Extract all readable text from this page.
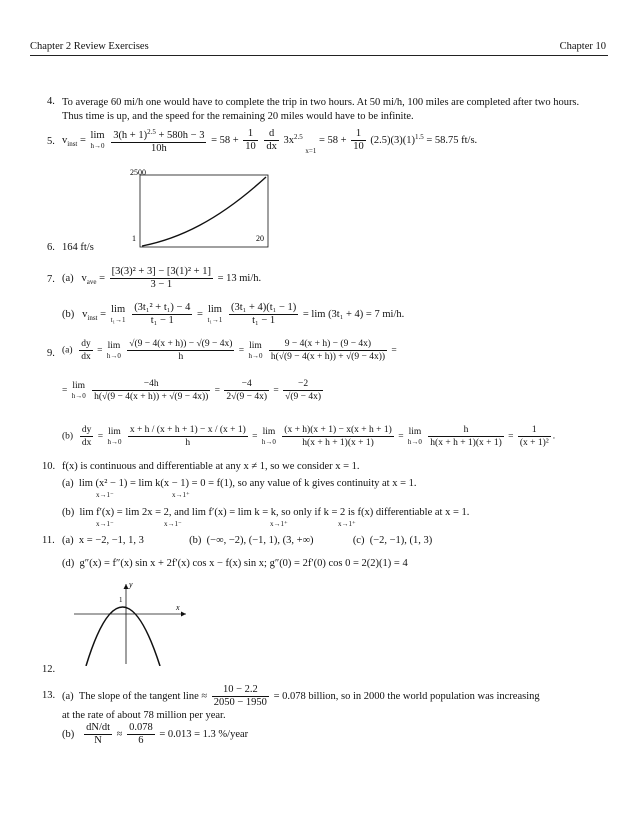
Chapter 2 Review Exercises	Chapter 10
4. To average 60 mi/h one would have to complete the trip in two hours. At 50 mi/h, 100 miles are completed after two hours. Thus time is up, and the speed for the remaining 20 miles would have to be infinite.
5. $v_{inst} = \lim$
h→0
$\frac{3(h + 1)^{2.5} + 580h - 3}{10h} = 58 + \frac{1}{10}$
$\frac{d}{dx} 3x^{2.5}$ $_{x=1} = 58 + \frac{1}{10} (2.5)(3)(1)^{1.5} = 58.75$ ft/s.
2500
1	20
6. 164 ft/s
7. (a) $v_{ave} = \frac{\text{[3(3)² + 3] − [3(1)² + 1]}}{3 - 1} = 13$ mi/h.
(b) $v_{inst} = \lim$
t₁→1
$\frac{\text{(3t₁² + t₁) − 4}}{\text{t₁ − 1}} = \lim$
t₁→1
$\frac{\text{(3t₁ + 4)(t₁ − 1)}}{\text{t₁ − 1}} = \lim (3t_1 + 4) = 7$ mi/h.
9. $(a) \frac{dy}{dx}$ =
lim
h→0
$\frac{√(9 - 4(x + h)) - √(9 - 4x)}{h}$ =
lim
h→0
$\frac{9 - 4(x + h) - (9 - 4x)}{h(√(9 - 4(x + h)) + √(9 - 4x))}$ =
=
lim
h→0
$\frac{-4h}{h(√(9 - 4(x + h)) + √(9 - 4x))} = \frac{-4}{2√(9 - 4x)} = \frac{-2}{√(9 - 4x)}$
$(b) \frac{dy}{dx}$ =
lim
h→0
$\frac{x + h / (x + h + 1) - x / (x + 1)}{h}$ =
lim
h→0
$\frac{(x + h)(x + 1) - x(x + h + 1)}{h(x + h + 1)(x + 1)}$ =
lim
h→0
$\frac{h}{h(x + h + 1)(x + 1)} = \frac{1}{\text{(x + 1)²}}$ .
10. f(x) is continuous and differentiable at any x ≠ 1, so we consider x = 1.
(a) lim (x² − 1) = lim k(x − 1) = 0 = f(1), so any value of k gives continuity at x = 1.
x→1⁻	x→1⁺
(b) lim f′(x) = lim 2x = 2, and lim f′(x) = lim k = k, so only if k = 2 is f(x) differentiable at x = 1.
x→1⁻	x→1⁻	x→1⁺	x→1⁺
11. (a) x = −2, −1, 1, 3	(b) (−∞, −2), (−1, 1), (3, +∞)	(c) (−2, −1), (1, 3)
(d) g″(x) = f″(x) sin x + 2f′(x) cos x − f(x) sin x; g″(0) = 2f′(0) cos 0 = 2(2)(1) = 4
y
x
1
12.
13. (a) The slope of the tangent line ≈ $\frac{10 - 2.2}{2050 - 1950} = 0.078$ billion, so in 2000 the world population was increasing
at the rate of about 78 million per year.
$(b) \frac{dN/dt}{N} \approx \frac{0.078}{6} = 0.013 = 1.3$ %/year
